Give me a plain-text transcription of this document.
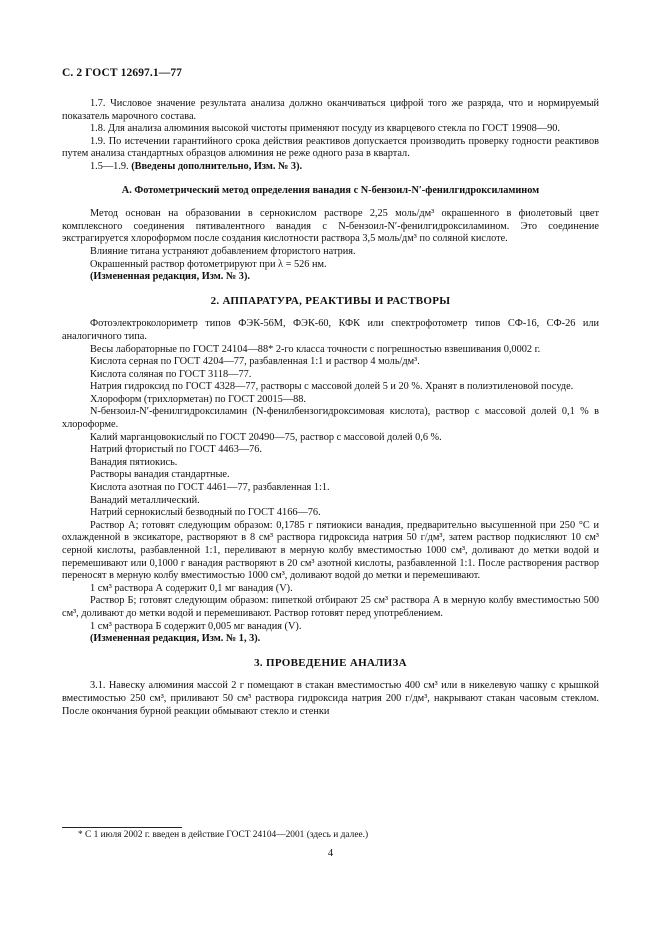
С. 2 ГОСТ 12697.1—77

1.7. Числовое значение результата анализа должно оканчиваться цифрой того же разряда, что и нормируемый показатель марочного состава.

1.8. Для анализа алюминия высокой чистоты применяют посуду из кварцевого стекла по ГОСТ 19908—90.

1.9. По истечении гарантийного срока действия реактивов допускается производить проверку годности реактивов путем анализа стандартных образцов алюминия не реже одного раза в квартал.

1.5—1.9. (Введены дополнительно, Изм. № 3).

А. Фотометрический метод определения ванадия с N-бензоил-N′-фенилгидроксиламином

Метод основан на образовании в сернокислом растворе 2,25 моль/дм³ окрашенного в фиолетовый цвет комплексного соединения пятивалентного ванадия с N-бензоил-N′-фенилгидроксиламином. Это соединение экстрагируется хлороформом после создания кислотности раствора 3,5 моль/дм³ по соляной кислоте.

Влияние титана устраняют добавлением фтористого натрия.

Окрашенный раствор фотометрируют при λ = 526 нм.

(Измененная редакция, Изм. № 3).

2. АППАРАТУРА, РЕАКТИВЫ И РАСТВОРЫ

Фотоэлектроколориметр типов ФЭК-56М, ФЭК-60, КФК или спектрофотометр типов СФ-16, СФ-26 или аналогичного типа.

Весы лабораторные по ГОСТ 24104—88* 2-го класса точности с погрешностью взвешивания 0,0002 г.

Кислота серная по ГОСТ 4204—77, разбавленная 1:1 и раствор 4 моль/дм³.

Кислота соляная по ГОСТ 3118—77.

Натрия гидроксид по ГОСТ 4328—77, растворы с массовой долей 5 и 20 %. Хранят в полиэтиленовой посуде.

Хлороформ (трихлорметан) по ГОСТ 20015—88.

N-бензоил-N′-фенилгидроксиламин (N-фенилбензогидроксимовая кислота), раствор с массовой долей 0,1 % в хлороформе.

Калий марганцовокислый по ГОСТ 20490—75, раствор с массовой долей 0,6 %.

Натрий фтористый по ГОСТ 4463—76.

Ванадия пятиокись.

Растворы ванадия стандартные.

Кислота азотная по ГОСТ 4461—77, разбавленная 1:1.

Ванадий металлический.

Натрий сернокислый безводный по ГОСТ 4166—76.

Раствор А; готовят следующим образом: 0,1785 г пятиокиси ванадия, предварительно высушенной при 250 °С и охлажденной в эксикаторе, растворяют в 8 см³ раствора гидроксида натрия 50 г/дм³, затем раствор подкисляют 10 см³ серной кислоты, разбавленной 1:1, переливают в мерную колбу вместимостью 1000 см³, доливают до метки водой и перемешивают или 0,1000 г ванадия растворяют в 20 см³ азотной кислоты, разбавленной 1:1. После растворения раствор переносят в мерную колбу вместимостью 1000 см³, доливают водой до метки и перемешивают.

1 см³ раствора А содержит 0,1 мг ванадия (V).

Раствор Б; готовят следующим образом: пипеткой отбирают 25 см³ раствора А в мерную колбу вместимостью 500 см³, доливают до метки водой и перемешивают. Раствор готовят перед употреблением.

1 см³ раствора Б содержит 0,005 мг ванадия (V).

(Измененная редакция, Изм. № 1, 3).

3. ПРОВЕДЕНИЕ АНАЛИЗА

3.1. Навеску алюминия массой 2 г помещают в стакан вместимостью 400 см³ или в никелевую чашку с крышкой вместимостью 250 см³, приливают 50 см³ раствора гидроксида натрия 200 г/дм³, накрывают стакан часовым стеклом. После окончания бурной реакции обмывают стекло и стенки

* С 1 июля 2002 г. введен в действие ГОСТ 24104—2001 (здесь и далее.)
4
